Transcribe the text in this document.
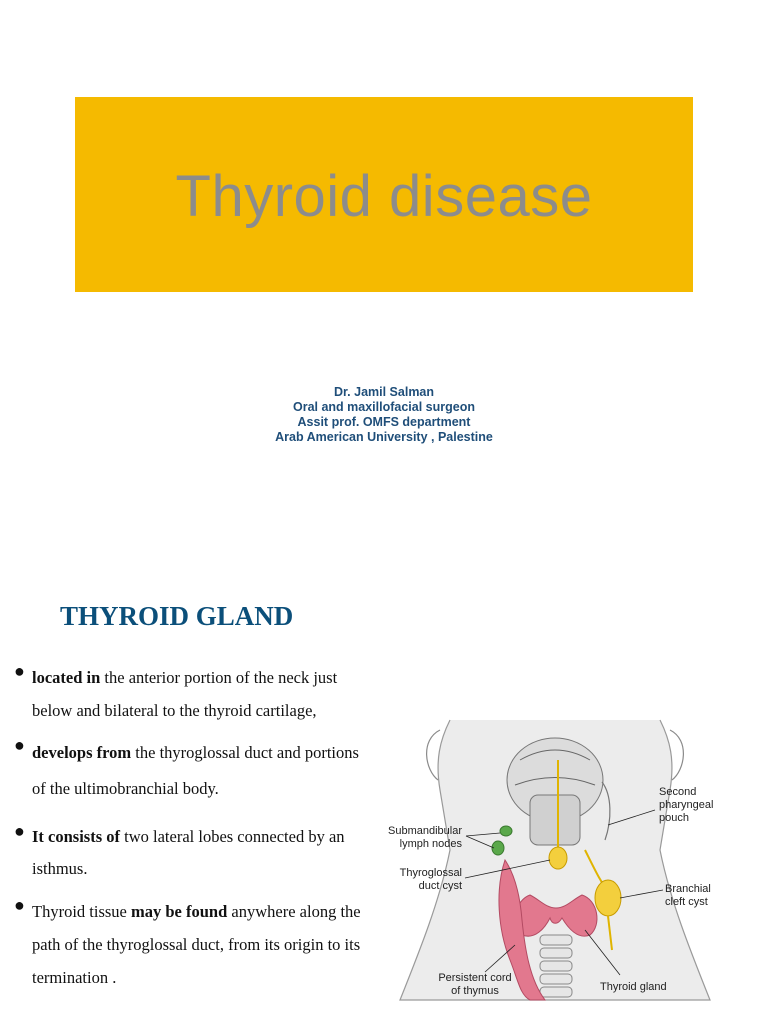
Thyroid disease
Dr. Jamil Salman
Oral and maxillofacial surgeon
Assit prof. OMFS department
Arab American University , Palestine
THYROID GLAND
● located in the anterior portion of the neck just below and bilateral to the thyroid cartilage,
● develops from the thyroglossal duct and portions of the ultimobranchial body.
● It consists of two lateral lobes connected by an isthmus.
● Thyroid tissue may be found anywhere along the path of the thyroglossal duct, from its origin to its termination .
Submandibular
lymph nodes
Thyroglossal
duct cyst
Second
pharyngeal
pouch
Branchial
cleft cyst
Persistent cord
of thymus	Thyroid gland
